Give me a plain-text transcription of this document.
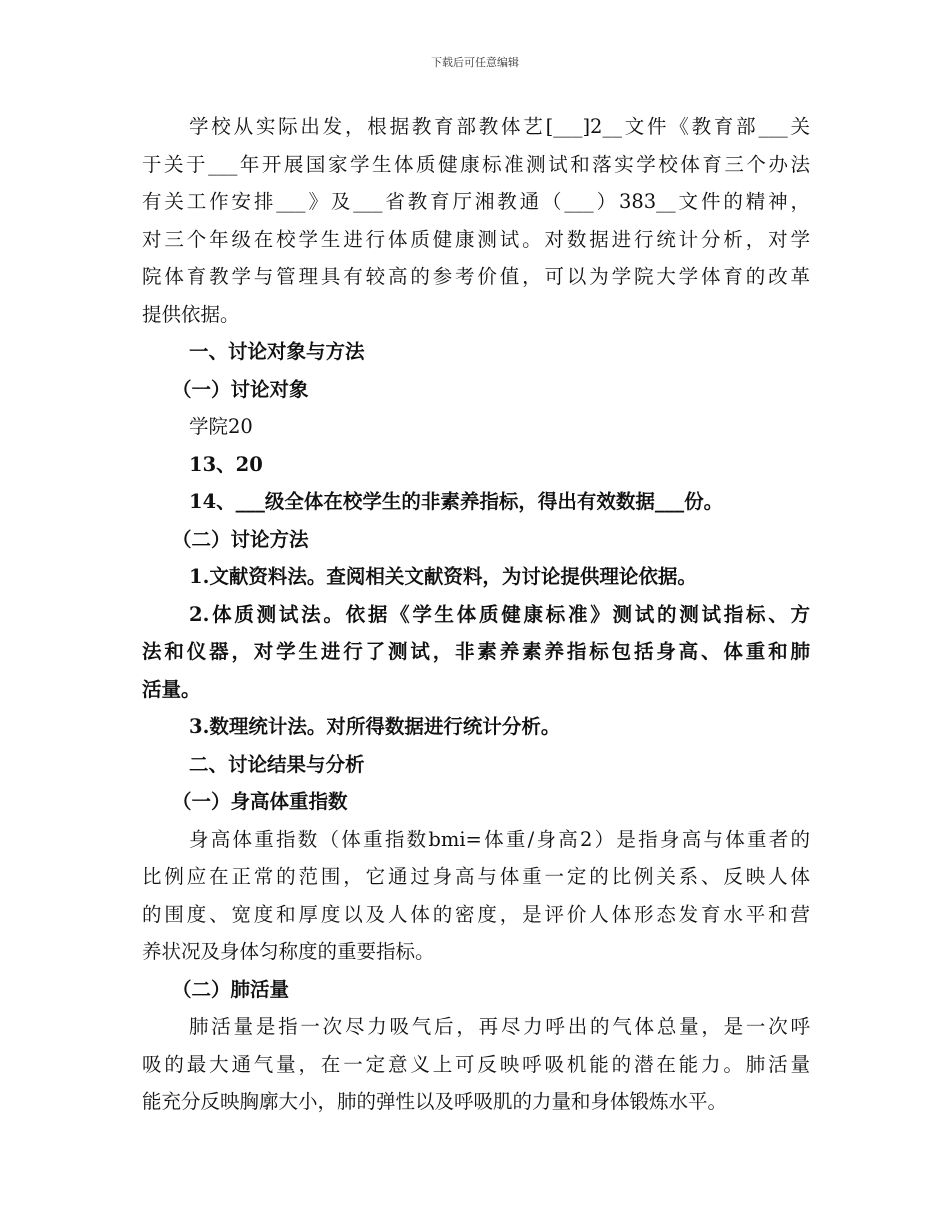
下载后可任意编辑

学校从实际出发，根据教育部教体艺[___]2__文件《教育部___关

于关于___年开展国家学生体质健康标准测试和落实学校体育三个办法

有关工作安排___》及___省教育厅湘教通（___）383__文件的精神，

对三个年级在校学生进行体质健康测试。对数据进行统计分析，对学

院体育教学与管理具有较高的参考价值，可以为学院大学体育的改革

提供依据。

一、讨论对象与方法

（一）讨论对象

学院20

13、20

14、___级全体在校学生的非素养指标，得出有效数据___份。

（二）讨论方法

1.文献资料法。查阅相关文献资料，为讨论提供理论依据。

2.体质测试法。依据《学生体质健康标准》测试的测试指标、方

法和仪器，对学生进行了测试，非素养素养指标包括身高、体重和肺

活量。

3.数理统计法。对所得数据进行统计分析。

二、讨论结果与分析

（一）身高体重指数

身高体重指数（体重指数bmi=体重/身高2）是指身高与体重者的

比例应在正常的范围，它通过身高与体重一定的比例关系、反映人体

的围度、宽度和厚度以及人体的密度，是评价人体形态发育水平和营

养状况及身体匀称度的重要指标。

（二）肺活量

肺活量是指一次尽力吸气后，再尽力呼出的气体总量，是一次呼

吸的最大通气量，在一定意义上可反映呼吸机能的潜在能力。肺活量

能充分反映胸廓大小，肺的弹性以及呼吸肌的力量和身体锻炼水平。
